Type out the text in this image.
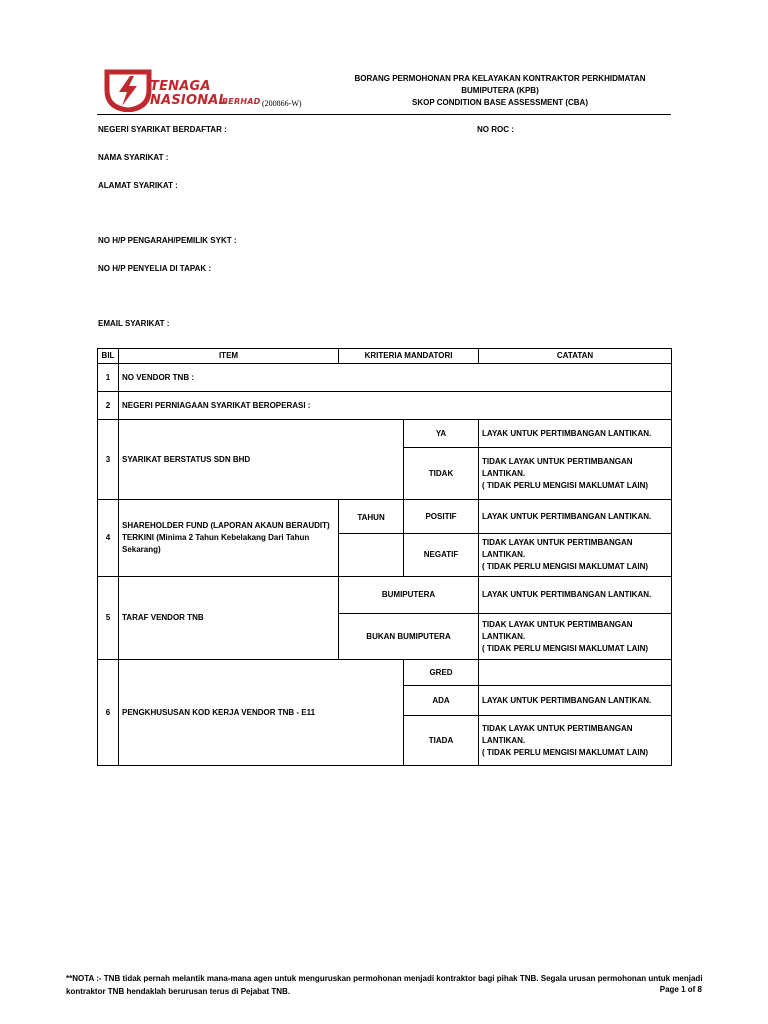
TENAGA
NASIONAL
BERHAD (200866-W)
BORANG PERMOHONAN PRA KELAYAKAN KONTRAKTOR PERKHIDMATAN
BUMIPUTERA (KPB)
SKOP CONDITION BASE ASSESSMENT (CBA)
NEGERI SYARIKAT BERDAFTAR :	NO ROC :
NAMA SYARIKAT :
ALAMAT SYARIKAT :
NO H/P PENGARAH/PEMILIK SYKT :
NO H/P PENYELIA DI TAPAK :
EMAIL SYARIKAT :
BIL	ITEM	KRITERIA MANDATORI		CATATAN
1	NO VENDOR TNB :			
2	NEGERI PERNIAGAAN SYARIKAT BEROPERASI :			
3	SYARIKAT BERSTATUS SDN BHD		YA	LAYAK UNTUK PERTIMBANGAN LANTIKAN.
			TIDAK	TIDAK LAYAK UNTUK PERTIMBANGAN LANTIKAN.
( TIDAK PERLU MENGISI MAKLUMAT LAIN)

4	SHAREHOLDER FUND (LAPORAN AKAUN BERAUDIT) TERKINI (Minima 2 Tahun Kebelakang Dari Tahun Sekarang)	TAHUN	POSITIF	LAYAK UNTUK PERTIMBANGAN LANTIKAN.
			NEGATIF	TIDAK LAYAK UNTUK PERTIMBANGAN LANTIKAN.
( TIDAK PERLU MENGISI MAKLUMAT LAIN)

5	TARAF VENDOR TNB	BUMIPUTERA		LAYAK UNTUK PERTIMBANGAN LANTIKAN.
		BUKAN BUMIPUTERA		TIDAK LAYAK UNTUK PERTIMBANGAN LANTIKAN.
( TIDAK PERLU MENGISI MAKLUMAT LAIN)

6	PENGKHUSUSAN KOD KERJA VENDOR TNB - E11		GRED	
			ADA	LAYAK UNTUK PERTIMBANGAN LANTIKAN.
			TIADA	TIDAK LAYAK UNTUK PERTIMBANGAN LANTIKAN.
( TIDAK PERLU MENGISI MAKLUMAT LAIN)
**NOTA :- TNB tidak pernah melantik mana-mana agen untuk menguruskan permohonan menjadi kontraktor bagi pihak TNB. Segala urusan permohonan untuk menjadi kontraktor TNB hendaklah berurusan terus di Pejabat TNB.	Page 1 of 8
